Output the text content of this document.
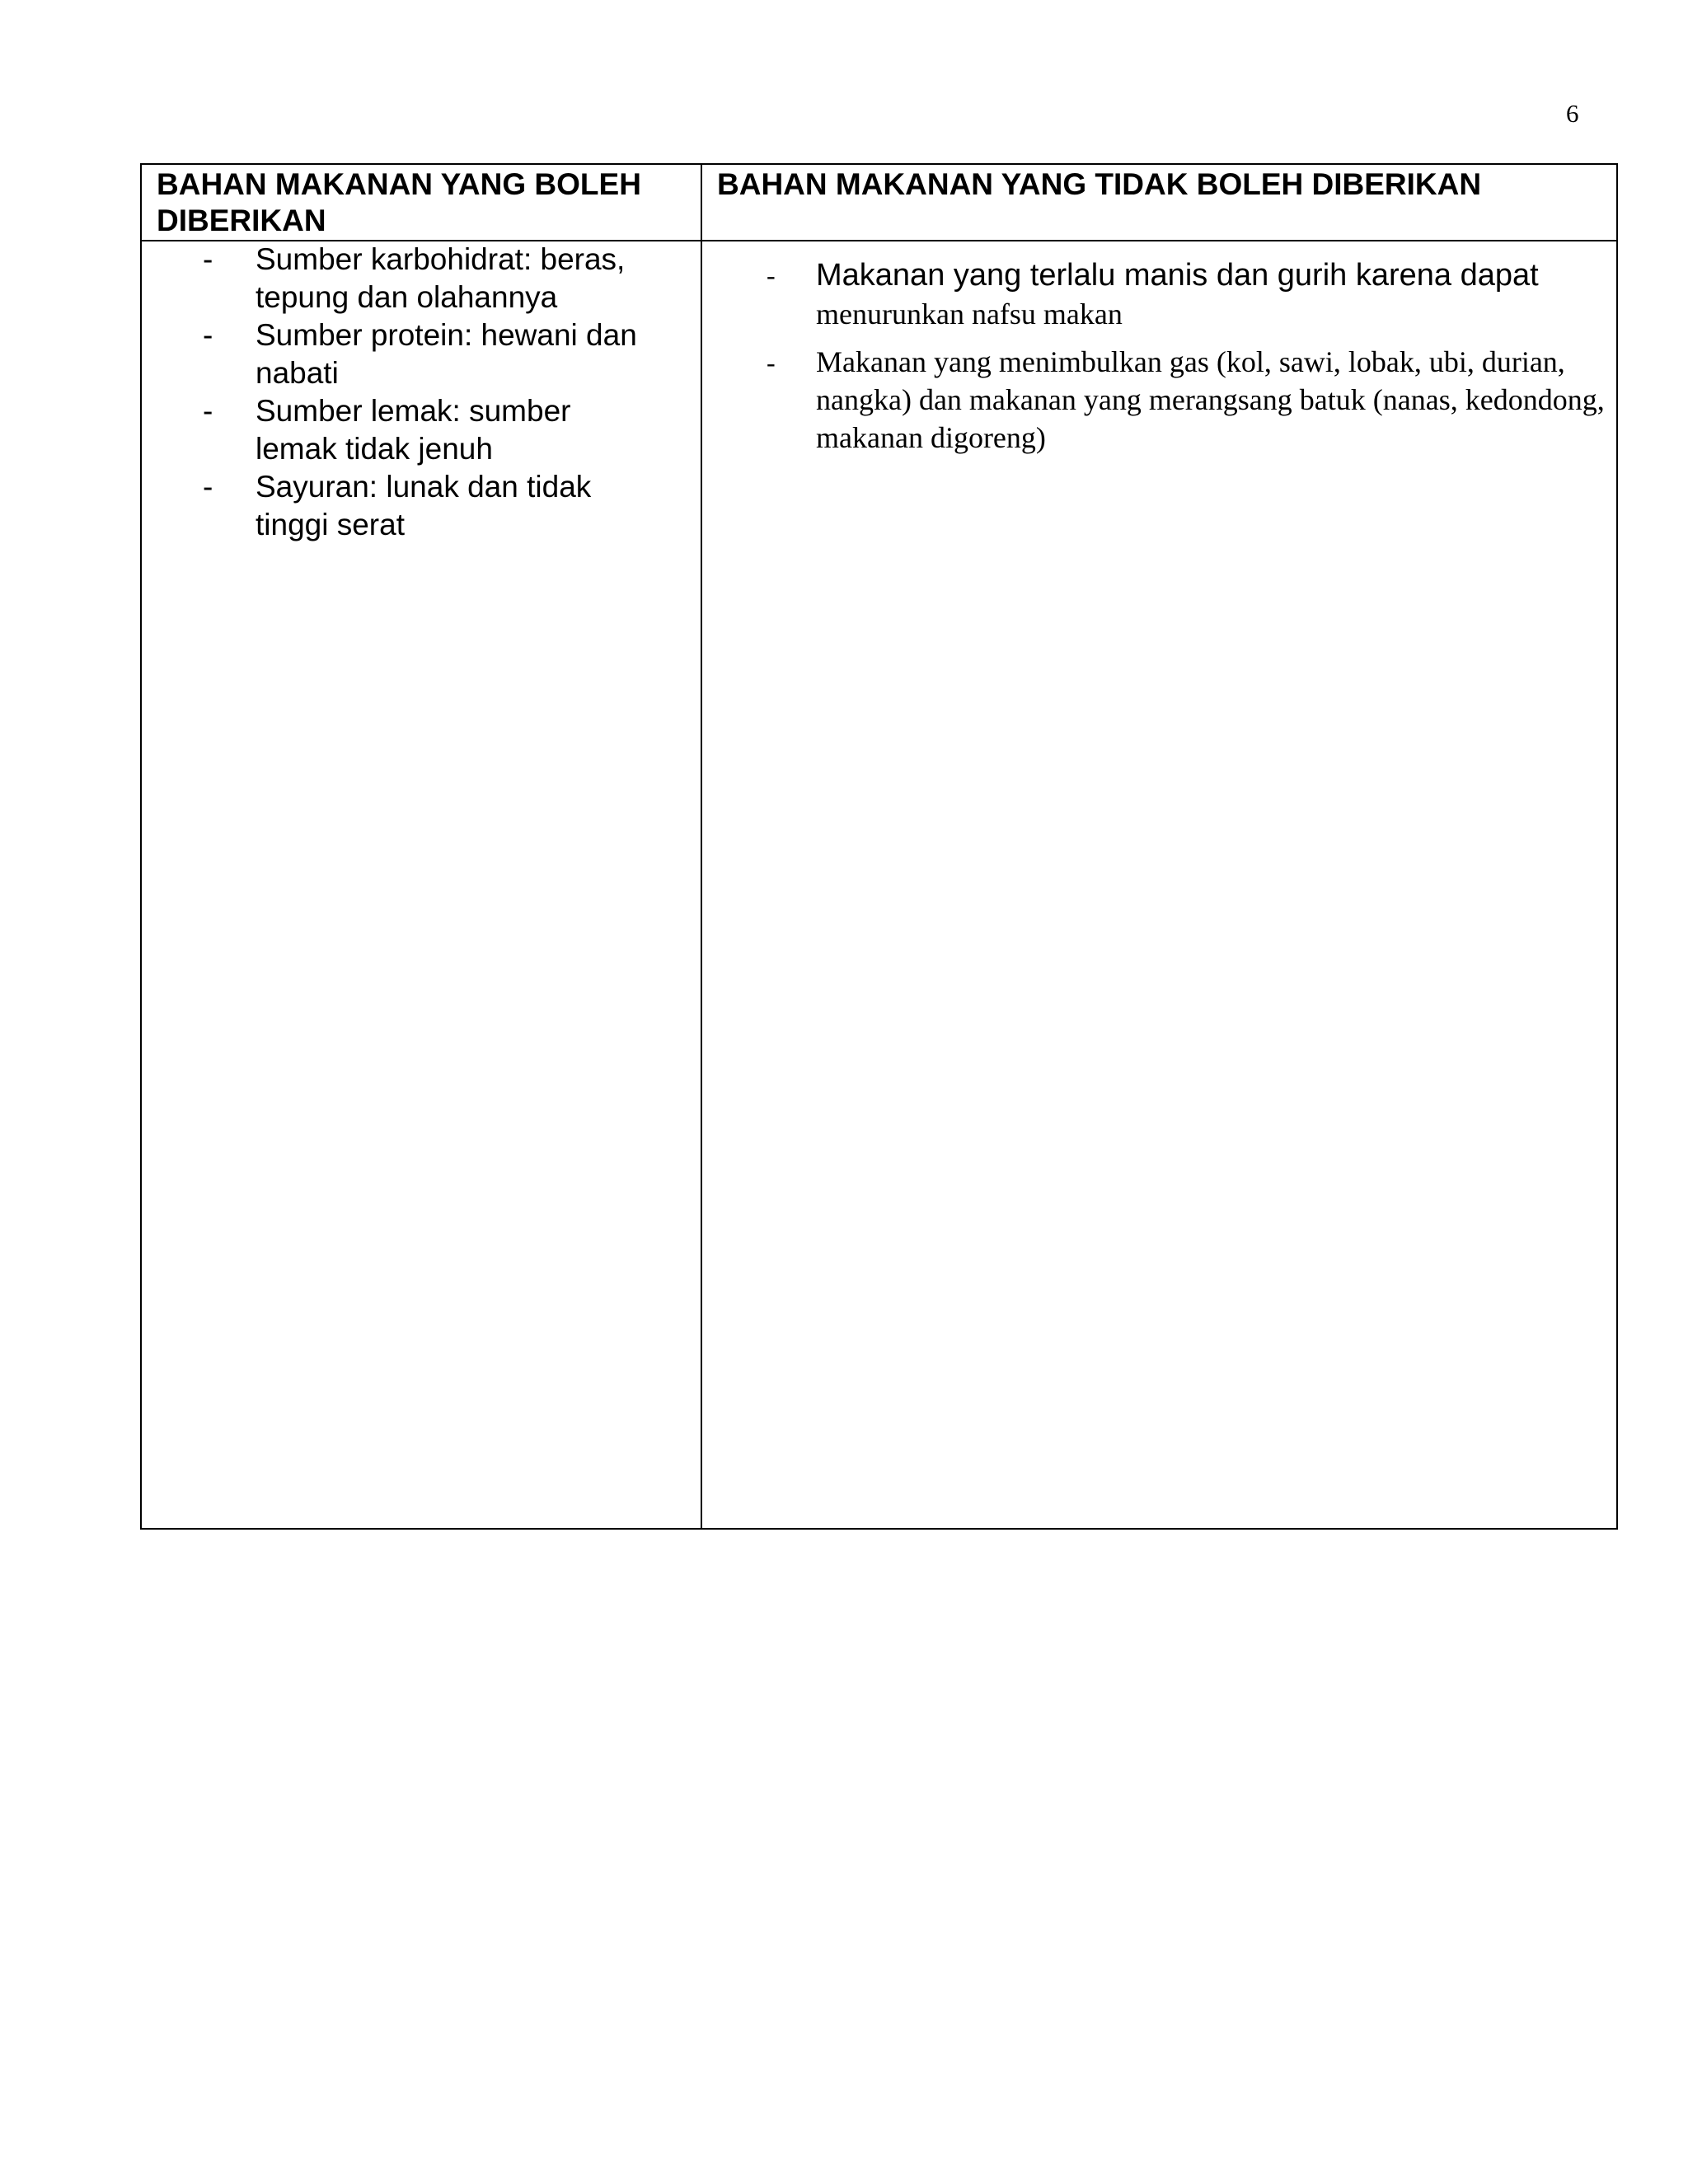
6
BAHAN MAKANAN YANG BOLEH DIBERIKAN
BAHAN MAKANAN YANG TIDAK BOLEH DIBERIKAN
- Sumber karbohidrat: beras, tepung dan olahannya
- Sumber protein: hewani dan nabati
- Sumber lemak: sumber lemak tidak jenuh
- Sayuran: lunak dan tidak tinggi serat
- Makanan yang terlalu manis dan gurih karena dapat
menurunkan nafsu makan
- Makanan yang menimbulkan gas (kol, sawi, lobak, ubi, durian, nangka) dan makanan yang merangsang batuk (nanas, kedondong, makanan digoreng)
